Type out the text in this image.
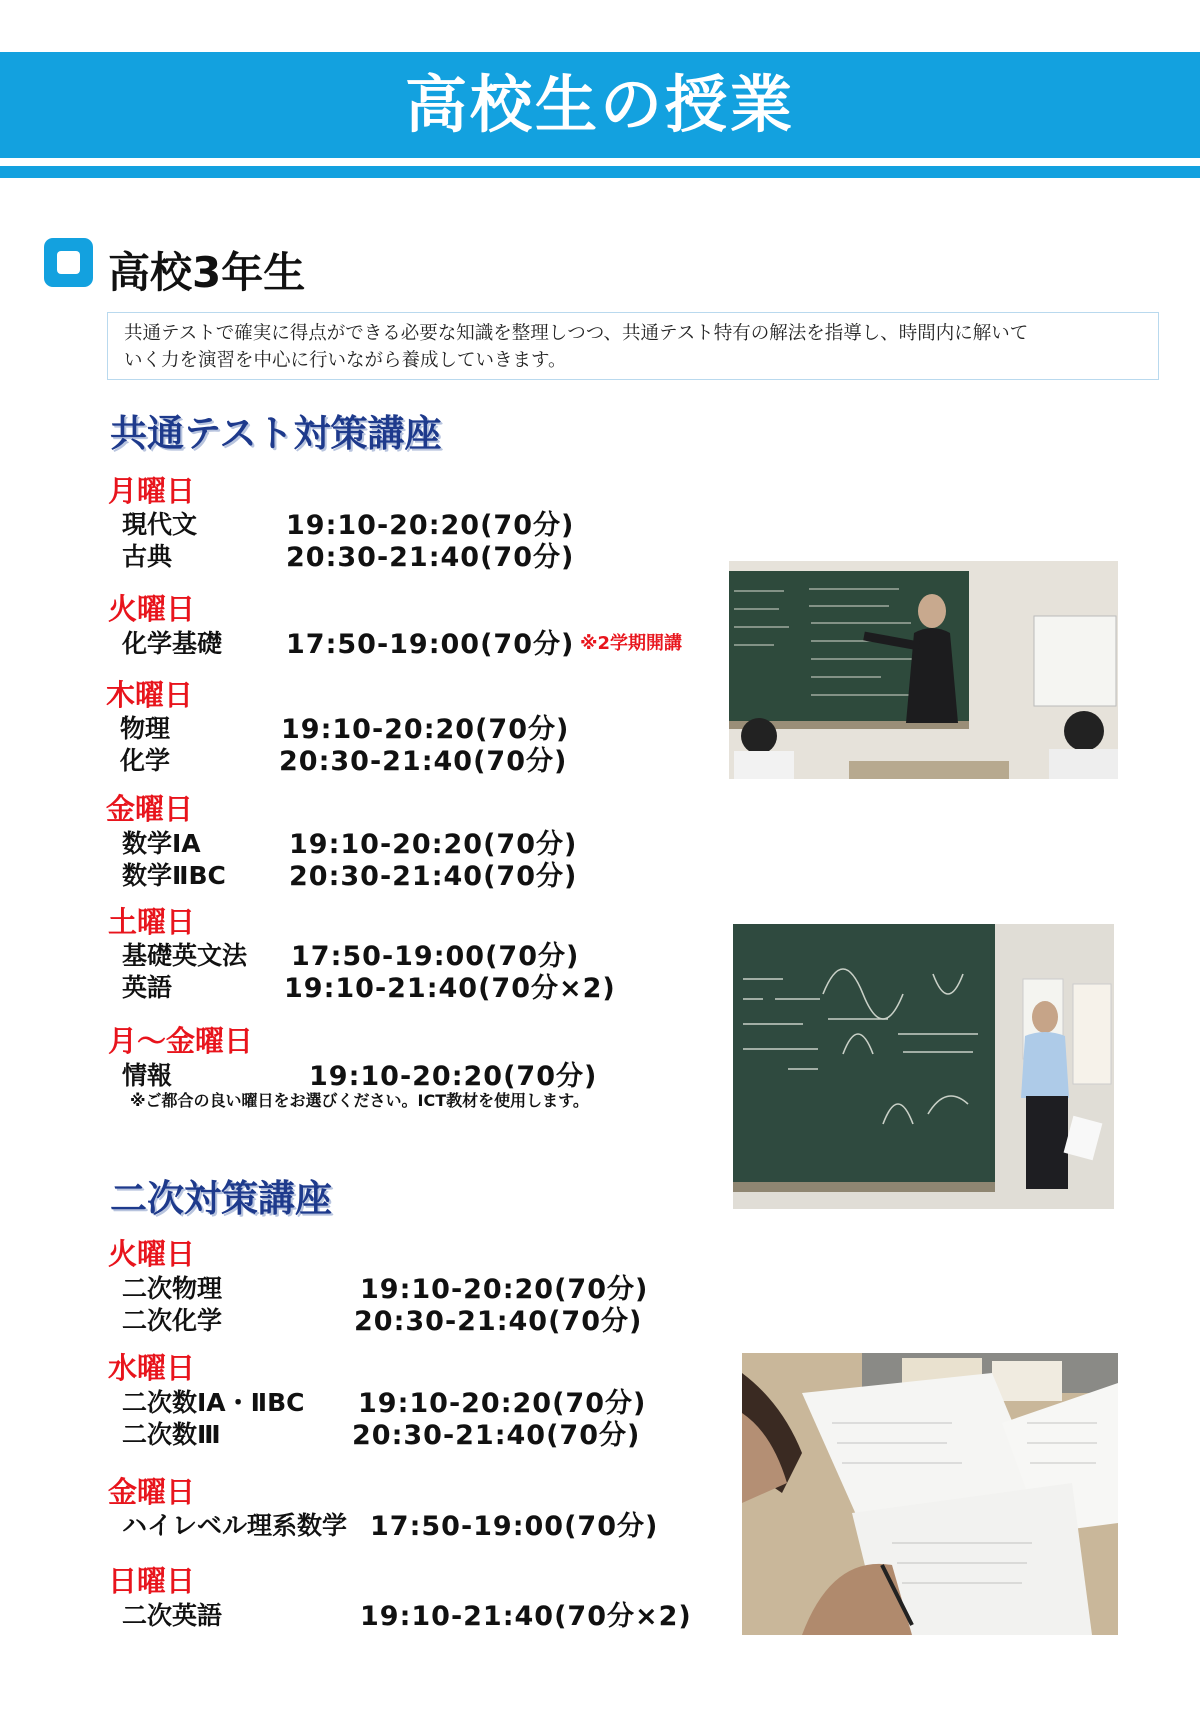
高校生の授業
高校3年生
共通テストで確実に得点ができる必要な知識を整理しつつ、共通テスト特有の解法を指導し、時間内に解いて
いく力を演習を中心に行いながら養成していきます。
共通テスト対策講座
月曜日
現代文	19:10-20:20(70分)
古典	20:30-21:40(70分)
火曜日
化学基礎 17:50-19:00(70分) ※2学期開講
木曜日
物理	19:10-20:20(70分)
化学	20:30-21:40(70分)
金曜日
数学ⅠA	19:10-20:20(70分)
数学ⅡBC 20:30-21:40(70分)
土曜日
基礎英文法 17:50-19:00(70分)
英語	19:10-21:40(70分×2)
月～金曜日
情報	19:10-20:20(70分)
※ご都合の良い曜日をお選びください。ICT教材を使用します。
二次対策講座
火曜日
二次物理	19:10-20:20(70分)
二次化学	20:30-21:40(70分)
水曜日
二次数ⅠA・ⅡBC 19:10-20:20(70分)
二次数Ⅲ	20:30-21:40(70分)
金曜日
ハイレベル理系数学 17:50-19:00(70分)
日曜日
二次英語	19:10-21:40(70分×2)
